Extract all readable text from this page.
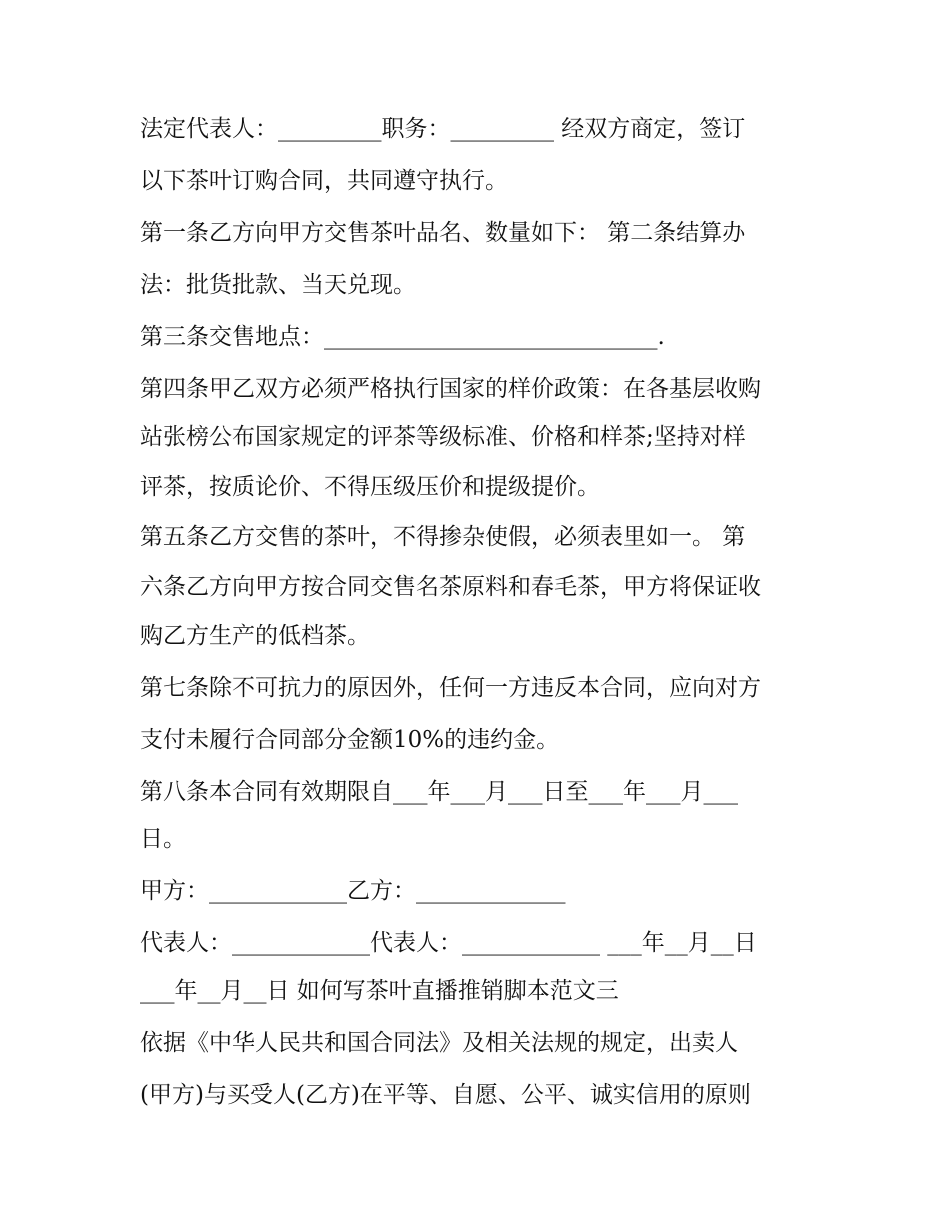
法定代表人：_________职务：_________ 经双方商定，签订
以下茶叶订购合同，共同遵守执行。
第一条乙方向甲方交售茶叶品名、数量如下： 第二条结算办
法：批货批款、当天兑现。
第三条交售地点：_____________________________.
第四条甲乙双方必须严格执行国家的样价政策：在各基层收购
站张榜公布国家规定的评茶等级标准、价格和样茶;坚持对样
评茶，按质论价、不得压级压价和提级提价。
第五条乙方交售的茶叶，不得掺杂使假，必须表里如一。 第
六条乙方向甲方按合同交售名茶原料和春毛茶，甲方将保证收
购乙方生产的低档茶。
第七条除不可抗力的原因外，任何一方违反本合同，应向对方
支付未履行合同部分金额10%的违约金。
第八条本合同有效期限自___年___月___日至___年___月___
日。
甲方：____________乙方：_____________
代表人：____________代表人：____________ ___年__月__日
___年__月__日 如何写茶叶直播推销脚本范文三
依据《中华人民共和国合同法》及相关法规的规定，出卖人
(甲方)与买受人(乙方)在平等、自愿、公平、诚实信用的原则
